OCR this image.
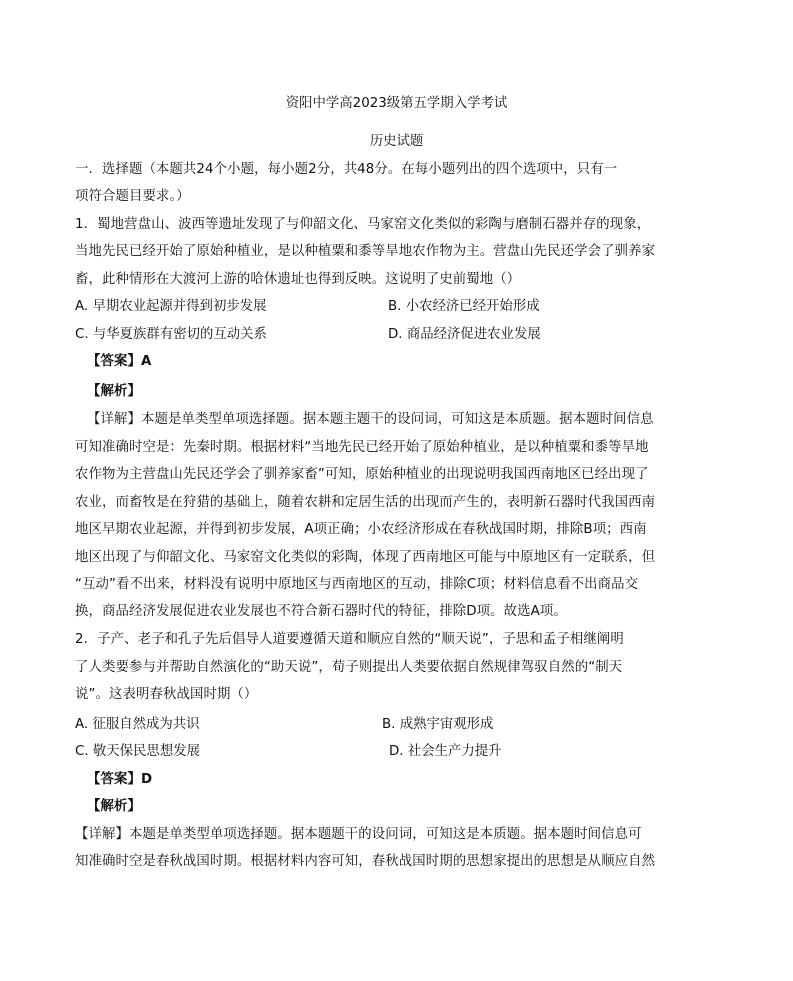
资阳中学高2023级第五学期入学考试
历史试题
一．选择题（本题共24个小题，每小题2分，共48分。在每小题列出的四个选项中，只有一
项符合题目要求。）
1．蜀地营盘山、波西等遗址发现了与仰韶文化、马家窑文化类似的彩陶与磨制石器并存的现象，
当地先民已经开始了原始种植业，是以种植粟和黍等旱地农作物为主。营盘山先民还学会了驯养家
畜，此种情形在大渡河上游的哈休遗址也得到反映。这说明了史前蜀地（）
A. 早期农业起源并得到初步发展	B. 小农经济已经开始形成
C. 与华夏族群有密切的互动关系	D. 商品经济促进农业发展
【答案】A
【解析】
【详解】本题是单类型单项选择题。据本题主题干的设问词，可知这是本质题。据本题时间信息
可知准确时空是：先秦时期。根据材料“当地先民已经开始了原始种植业，是以种植粟和黍等旱地
农作物为主营盘山先民还学会了驯养家畜”可知，原始种植业的出现说明我国西南地区已经出现了
农业，而畜牧是在狩猎的基础上，随着农耕和定居生活的出现而产生的，表明新石器时代我国西南
地区早期农业起源，并得到初步发展，A项正确；小农经济形成在春秋战国时期，排除B项；西南
地区出现了与仰韶文化、马家窑文化类似的彩陶，体现了西南地区可能与中原地区有一定联系，但
“互动”看不出来，材料没有说明中原地区与西南地区的互动，排除C项；材料信息看不出商品交
换，商品经济发展促进农业发展也不符合新石器时代的特征，排除D项。故选A项。
2．子产、老子和孔子先后倡导人道要遵循天道和顺应自然的“顺天说”，子思和孟子相继阐明
了人类要参与并帮助自然演化的“助天说”，荀子则提出人类要依据自然规律驾驭自然的“制天
说”。这表明春秋战国时期（）
A. 征服自然成为共识	B. 成熟宇宙观形成
C. 敬天保民思想发展	D. 社会生产力提升
【答案】D
【解析】
【详解】本题是单类型单项选择题。据本题题干的设问词，可知这是本质题。据本题时间信息可
知准确时空是春秋战国时期。根据材料内容可知，春秋战国时期的思想家提出的思想是从顺应自然
